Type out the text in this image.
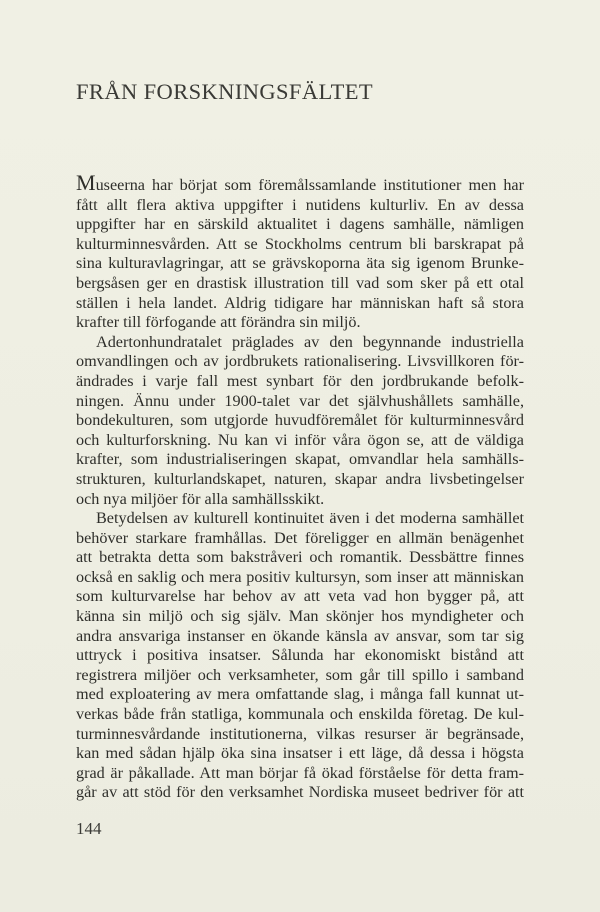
FRÅN FORSKNINGSFÄLTET
Museerna har börjat som föremålssamlande institutioner men har
fått allt flera aktiva uppgifter i nutidens kulturliv. En av dessa
uppgifter har en särskild aktualitet i dagens samhälle, nämligen
kulturminnesvården. Att se Stockholms centrum bli barskrapat på
sina kulturavlagringar, att se grävskoporna äta sig igenom Brunke-
bergsåsen ger en drastisk illustration till vad som sker på ett otal
ställen i hela landet. Aldrig tidigare har människan haft så stora
krafter till förfogande att förändra sin miljö.
Adertonhundratalet präglades av den begynnande industriella
omvandlingen och av jordbrukets rationalisering. Livsvillkoren för-
ändrades i varje fall mest synbart för den jordbrukande befolk-
ningen. Ännu under 1900-talet var det självhushållets samhälle,
bondekulturen, som utgjorde huvudföremålet för kulturminnesvård
och kulturforskning. Nu kan vi inför våra ögon se, att de väldiga
krafter, som industrialiseringen skapat, omvandlar hela samhälls-
strukturen, kulturlandskapet, naturen, skapar andra livsbetingelser
och nya miljöer för alla samhällsskikt.
Betydelsen av kulturell kontinuitet även i det moderna samhället
behöver starkare framhållas. Det föreligger en allmän benägenhet
att betrakta detta som bakstråveri och romantik. Dessbättre finnes
också en saklig och mera positiv kultursyn, som inser att människan
som kulturvarelse har behov av att veta vad hon bygger på, att
känna sin miljö och sig själv. Man skönjer hos myndigheter och
andra ansvariga instanser en ökande känsla av ansvar, som tar sig
uttryck i positiva insatser. Sålunda har ekonomiskt bistånd att
registrera miljöer och verksamheter, som går till spillo i samband
med exploatering av mera omfattande slag, i många fall kunnat ut-
verkas både från statliga, kommunala och enskilda företag. De kul-
turminnesvårdande institutionerna, vilkas resurser är begränsade,
kan med sådan hjälp öka sina insatser i ett läge, då dessa i högsta
grad är påkallade. Att man börjar få ökad förståelse för detta fram-
går av att stöd för den verksamhet Nordiska museet bedriver för att
144
